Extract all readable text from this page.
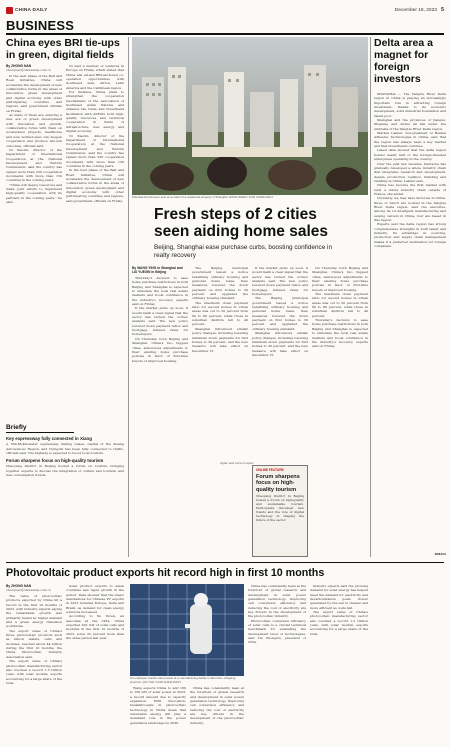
CHINA DAILY	December 18, 2023 5
BUSINESS
China eyes BRI tie-ups in green, digital fields
By ZHONG NAN
zhongnan@chinadaily.com.cn

In the next phase of the Belt and Road Initiative, China will accelerate the development of new collaborative forms in the areas of innovation, green development and digital economy with other participating countries and regions, said government officials on Friday.

As many of them are entering a new era of green development with innovation and growth, collaborative forms with them on accelerated projects, healthcare and new technologies can deepen cooperation and produce win-win outcomes, officials said.

Ni Xiaolin, director of the Department of International Cooperation at the National Development and Reform Commission, said the country has signed more than 230 cooperation documents with more than 150 countries in the coming years.

"China will deploy resources and make joint efforts to implement high-quality cooperation with its partners in the coming years," he said.

Ni said a number of ventures in Europe on Friday, which stated that China will extend BRI-anchored co-operation opportunities with Southeast Asia, Africa, Latin America and the Caribbean region.

For instance, China plans to strengthen the cooperation mechanisms of the Association of Southeast Asian Nations and enhance the trade and investment facilitation with ASEAN, both high-quality resources and technical cooperation in fields of infrastructure, new energy and digital economy.

Ni Xiaolin, director of the Department of International Cooperation at the National Development and Reform Commission, said the country has signed more than 230 cooperation documents with more than 150 countries in the coming years.

In the next phase of the Belt and Road Initiative, China will accelerate the development of new collaborative forms in the areas of innovation, green development and digital economy with other participating countries and regions, said government officials on Friday.

Potential homebuyers look at a model of a residential property in Shanghai. HONG ZHEN / FOR CHINA DAILY
Fresh steps of 2 cities seen aiding home sales
Beijing, Shanghai ease purchase curbs, boosting confidence in realty recovery
By WANG YING in Shanghai and LIU YUEXIN in Beijing

Thursday's decision to ease home purchase restrictions in both Beijing and Shanghai is expected to stimulate the local real estate markets and boost confidence in the industry's recovery, experts said on Friday.

If the market picks up soon, it would mark a clear signal that the sector has turned the corner, analysts said. The new policy lowered down payment ratios and mortgage interest rates for homebuyers.

On Thursday, both Beijing and Shanghai, China's two biggest cities, announced adjustments to their existing home purchase policies in favor of first-time buyers of improved housing.

The Beijing municipal government issued a notice redefining ordinary housing and personal home loans. New measures lowered the down payment on first homes to 30 percent and upgraded the ordinary housing standard.

The maximum down payment ratio for second homes in urban areas was cut to 50 percent from 60 to 80 percent, while those in suburban districts fell to 40 percent.

Shanghai introduced similar policy changes, including lowering minimum down payments for first homes to 30 percent, and the new measure will take effect on December 15.

If the market picks up soon, it would mark a clear signal that the sector has turned the corner, analysts said. The new policy lowered down payment ratios and mortgage interest rates for homebuyers.

The Beijing municipal government issued a notice redefining ordinary housing and personal home loans. New measures lowered the down payment on first homes to 30 percent and upgraded the ordinary housing standard.

Shanghai introduced similar policy changes, including lowering minimum down payments for first homes to 30 percent, and the new measure will take effect on December 15.

On Thursday, both Beijing and Shanghai, China's two biggest cities, announced adjustments to their existing home purchase policies in favor of first-time buyers of improved housing.

The maximum down payment ratio for second homes in urban areas was cut to 50 percent from 60 to 80 percent, while those in suburban districts fell to 40 percent.

Thursday's decision to ease home purchase restrictions in both Beijing and Shanghai is expected to stimulate the local real estate markets and boost confidence in the industry's recovery, experts said on Friday.

Briefly
Key expressway fully connected in Xiang
A 369.86-kilometer expressway linking Lhasa, capital of the Xizang Autonomous Region, and Nyingchi has been fully connected to traffic, officials said. The highway is expected to boost local tourism.
Forum sharpens focus on high-quality tourism
Chaoyang District in Beijing hosted a forum on tourism, bringing together experts to discuss the integration of culture and tourism, and new consumption trends.
Upper and more in topics
ONLINE FEATURE
Forum sharpens focus on high-quality tourism
Chaoyang District in Beijing hosted a forum on high-quality and sustainable tourism. Participants discussed new trends and the role of digital technology in shaping the future of the sector.
Delta area a magnet for foreign investors

SHANGHAI — The Yangtze River Delta region in China is playing an increasingly important role in attracting foreign investment, thanks to its economic development, solid industrial foundation and talent pool.

Shanghai and the provinces of Jiangsu, Zhejiang and Anhui all fall under the umbrella of the Yangtze River Delta region.

Markus Lakner, vice-president of Henkel Adhesive Technologies in China, said that the region has always been a key market and that investments continue.

Latest data showed that the delta region hosted nearly half of the foreign-invested enterprises operating in the country.

Over the past few decades, Deutsche has gradually developed a whole industry chain that integrates research and development, design, production, logistics, branding and retailing in China, Lakner said.

China has become the first market with such a whole industry chain outside of France, she added.

Currently, we may have factories in China, three of which are located in the Yangtze River Delta region, said one executive. Among its 14 intelligent manufacturing and sewing centers in China, four are based in this region.

Experts said the delta region has strong comprehensive strengths in both talent and industry. Its advantage in sourcing, production and supply chain management makes it a preferred destination for foreign companies.

XINHUA
Photovoltaic product exports hit record high in first 10 months
By ZHONG NAN
zhongnan@chinadaily.com.cn

The value of photovoltaic products exported by China hit a record in the first 10 months of 2023, with industry experts saying the remarkable growth was primarily fueled by higher demand and a green energy transition worldwide.

The export value of China's three photovoltaic products such as silicon wafers, cells and modules, reached about 44 billion during the first 10 months, the China Photovoltaic Industry Association said.

The export value of China's photovoltaic manufacturing sector also touched a record 1.5 trillion yuan, with solar module exports accounting for a large share of the total.

Solar product exports to Asian countries saw rapid growth in the period. Data showed that the major destinations for Chinese PV exports in 2023 included Europe, India and Brazil, as demand for clean energy solutions increased.

According to Xu Yuren, an associate at the CPIA, China exported 205 GW of solar cells and modules in the first 10 months of 2023, some 35 percent more than the same period last year.

An employee checks solar panels at a manufacturing facility in Wenzhou, Zhejiang province. QIU YAN / FOR CHINA DAILY

Wang expects China to add 160 to 180 GW of solar power in 2023, a record amount due to capacity expansion. With innovation, breakthroughs in photovoltaic technology in China mean that renewable energy will play a dominant role in the power generation landscape by 2030.

China has consistently been at the forefront of global research and development in solar power generation technology. Improving cell conversion efficiency and reducing the cost of electricity are key drivers in the development of the photovoltaic industry.

China has consistently been at the forefront of global research and development in solar power generation technology. Improving cell conversion efficiency and reducing the cost of electricity are key drivers in the development of the photovoltaic industry.

Photovoltaic conversion efficiency of solar cells is a crucial technical benchmark for evaluating the development level of technologies, said Lin Zhongxiu, president of CPIA.

Industry experts said the growing demand for solar energy has helped meet the demand for electricity and decarbonization goals. Power generated by the sun is cleaner and more efficient as costs fall.

The export value of China's photovoltaic manufacturing sector also touched a record 1.5 trillion yuan, with solar module exports accounting for a large share of the total.
